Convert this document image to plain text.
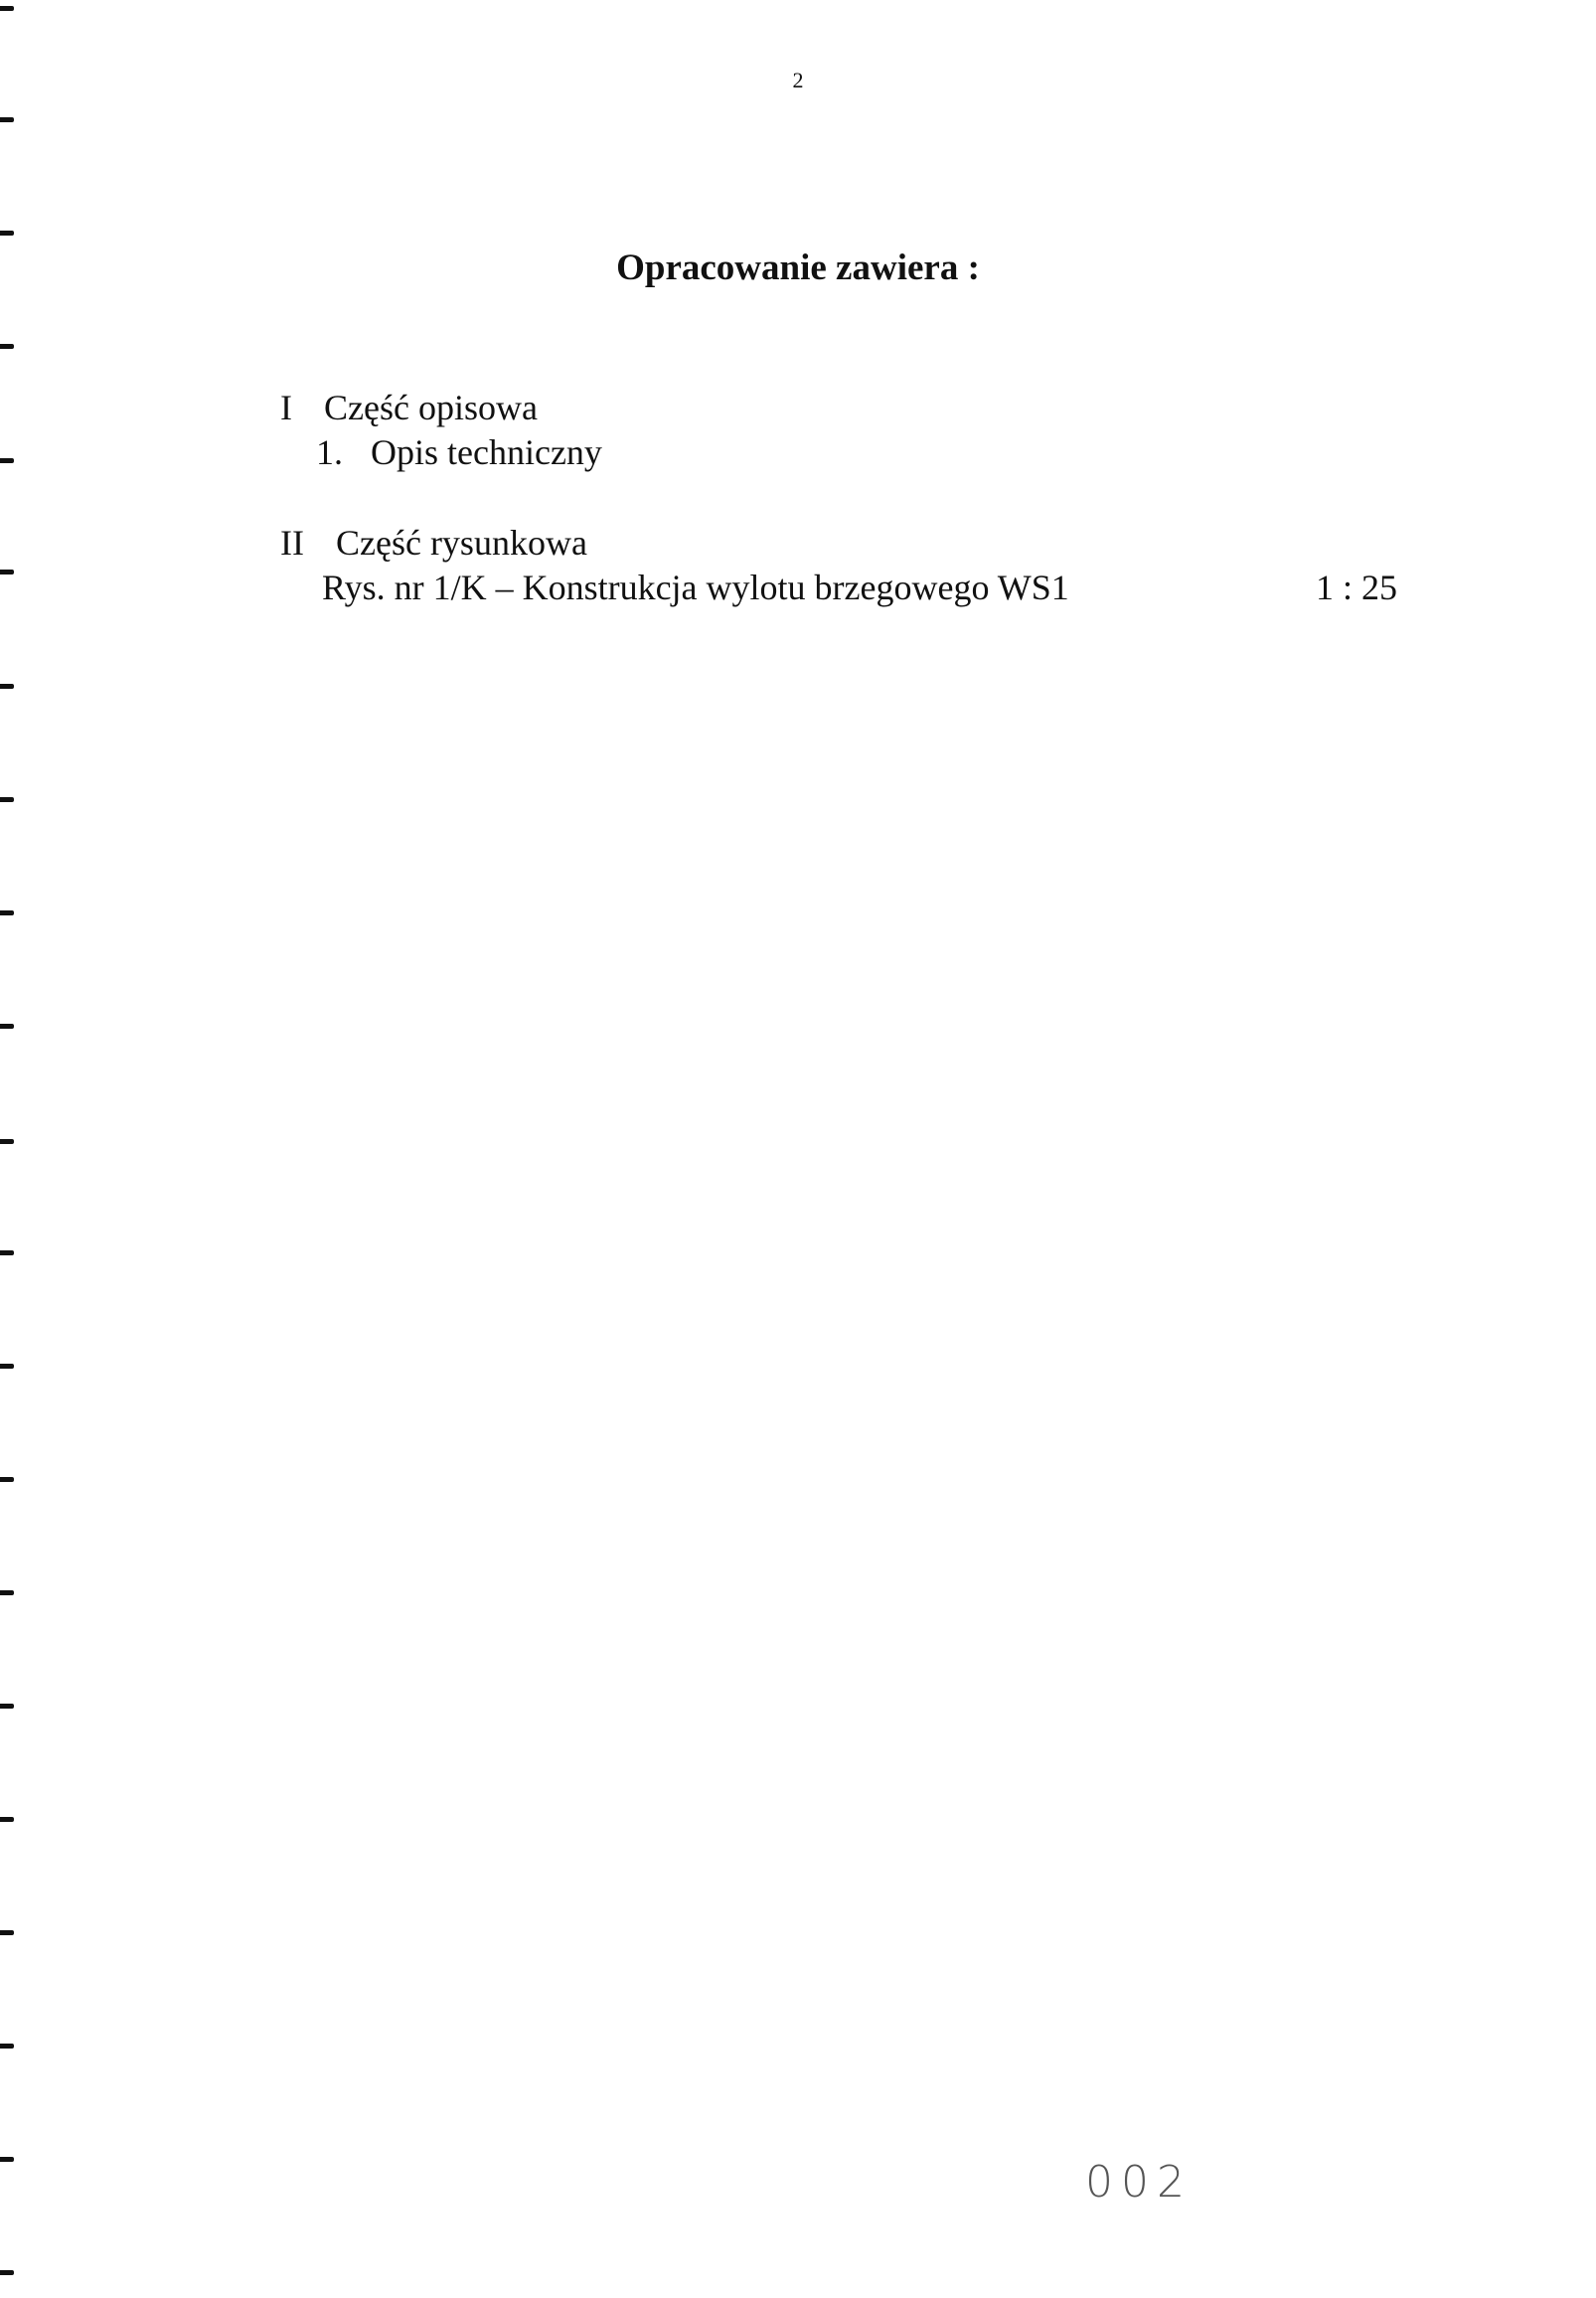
2
Opracowanie zawiera :
I Część opisowa
1. Opis techniczny
II Część rysunkowa
Rys. nr 1/K – Konstrukcja wylotu brzegowego WS1	1 : 25
002
